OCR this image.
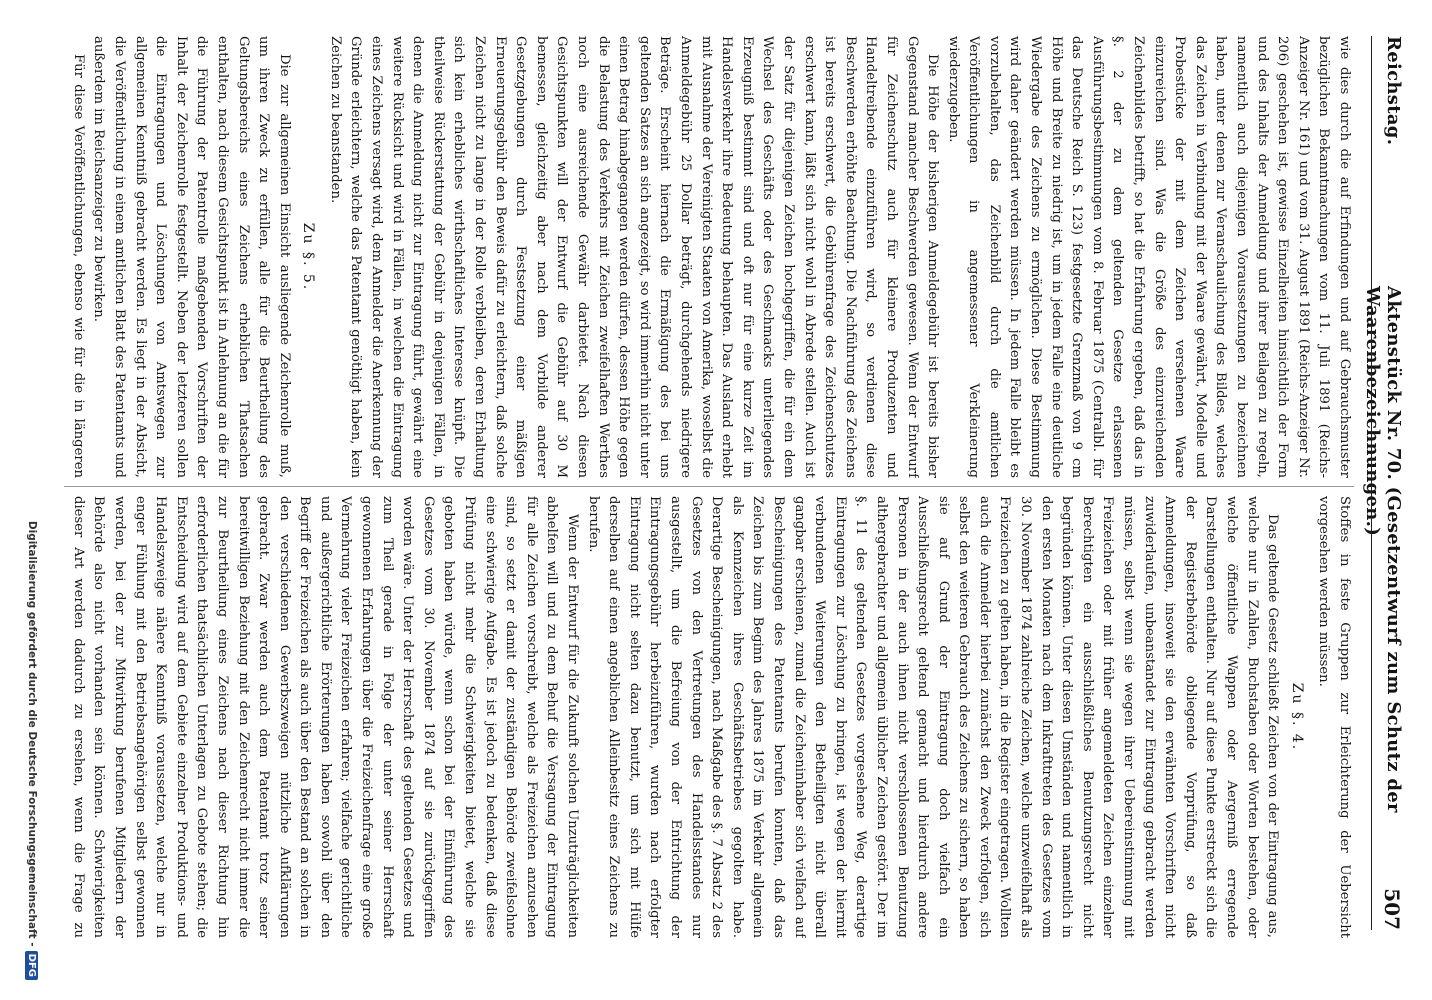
Reichstag.
Aktenstück Nr. 70. (Gesetzentwurf zum Schutz der Waarenbezeichnungen.)
507

wie dies durch die auf Erfindungen und auf Gebrauchsmuster bezüglichen Bekanntmachungen vom 11. Juli 1891 (Reichs-Anzeiger Nr. 161) und vom 31. August 1891 (Reichs-Anzeiger Nr. 206) geschehen ist, gewisse Einzelheiten hinsichtlich der Form und des Inhalts der Anmeldung und ihrer Beilagen zu regeln, namentlich auch diejenigen Voraussetzungen zu bezeichnen haben, unter denen zur Veranschaulichung des Bildes, welches das Zeichen in Verbindung mit der Waare gewährt, Modelle und Probestücke der mit dem Zeichen versehenen Waare einzureichen sind. Was die Größe des einzureichenden Zeichenbildes betrifft, so hat die Erfahrung ergeben, daß das in §. 2 der zu dem geltenden Gesetze erlassenen Ausführungsbestimmungen vom 8. Februar 1875 (Centralbl. für das Deutsche Reich S. 123) festgesetzte Grenzmaß von 9 cm Höhe und Breite zu niedrig ist, um in jedem Falle eine deutliche Wiedergabe des Zeichens zu ermöglichen. Diese Bestimmung wird daher geändert werden müssen. In jedem Falle bleibt es vorzubehalten, das Zeichenbild durch die amtlichen Veröffentlichungen in angemessener Verkleinerung wiederzugeben.

Die Höhe der bisherigen Anmeldegebühr ist bereits bisher Gegenstand mancher Beschwerden gewesen. Wenn der Entwurf für Zeichenschutz auch für kleinere Produzenten und Handeltreibende einzuführen wird, so verdienen diese Beschwerden erhöhte Beachtung. Die Nachführung des Zeichens ist bereits erschwert, die Gebührenfrage des Zeichenschutzes erschwert kann, läßt sich nicht wohl in Abrede stellen. Auch ist der Satz für diejenigen Zeichen hochgegriffen, die für ein dem Wechsel des Geschäfts oder des Geschmacks unterliegendes Erzeugniß bestimmt sind und oft nur für eine kurze Zeit im Handelsverkehr ihre Bedeutung behaupten. Das Ausland erhebt mit Ausnahme der Vereinigten Staaten von Amerika, woselbst die Anmeldegebühr 25 Dollar beträgt, durchgehends niedrigere Beträge. Erscheint hiernach die Ermäßigung des bei uns geltenden Satzes an sich angezeigt, so wird immerhin nicht unter einen Betrag hinabgegangen werden dürfen, dessen Höhe gegen die Belastung des Verkehrs mit Zeichen zweifelhaften Werthes noch eine ausreichende Gewähr darbietet. Nach diesen Gesichtspunkten will der Entwurf die Gebühr auf 30 M bemessen, gleichzeitig aber nach dem Vorbilde anderer Gesetzgebungen durch Festsetzung einer mäßigen Erneuerungsgebühr den Beweis dafür zu erleichtern, daß solche Zeichen nicht zu lange in der Rolle verbleiben, deren Erhaltung sich kein erhebliches wirthschaftliches Interesse knüpft. Die theilweise Rückerstattung der Gebühr in denjenigen Fällen, in denen die Anmeldung nicht zur Eintragung führt, gewährt eine weitere Rücksicht und wird in Fällen, in welchen die Eintragung eines Zeichens versagt wird, dem Anmelder die Anerkennung der Gründe erleichtern, welche das Patentamt genöthigt haben, kein Zeichen zu beanstanden.

Zu §. 5.

Die zur allgemeinen Einsicht ausliegende Zeichenrolle muß, um ihren Zweck zu erfüllen, alle für die Beurtheilung des Geltungsbereichs eines Zeichens erheblichen Thatsachen enthalten, nach diesem Gesichtspunkt ist in Anlehnung an die für die Führung der Patentrolle maßgebenden Vorschriften der Inhalt der Zeichenrolle festgestellt. Neben der letzteren sollen die Eintragungen und Löschungen von Amtswegen zur allgemeinen Kenntniß gebracht werden. Es liegt in der Absicht, die Veröffentlichung in einem amtlichen Blatt des Patentamts und außerdem im Reichsanzeiger zu bewirken.

Für diese Veröffentlichungen, ebenso wie für die in längeren

Stoffes in feste Gruppen zur Erleichterung der Uebersicht vorgesehen werden müssen.

Zu §. 4.

Das geltende Gesetz schließt Zeichen von der Eintragung aus, welche nur in Zahlen, Buchstaben oder Worten bestehen, oder welche öffentliche Wappen oder Aergerniß erregende Darstellungen enthalten. Nur auf diese Punkte erstreckt sich die der Registerbehörde obliegende Vorprüfung, so daß Anmeldungen, insoweit sie den erwähnten Vorschriften nicht zuwiderlaufen, unbeanstandet zur Eintragung gebracht werden müssen, selbst wenn sie wegen ihrer Uebereinstimmung mit Freizeichen oder mit früher angemeldeten Zeichen einzelner Berechtigten ein ausschließliches Benutzungsrecht nicht begründen können. Unter diesen Umständen und namentlich in den ersten Monaten nach dem Inkrafttreten des Gesetzes vom 30. November 1874 zahlreiche Zeichen, welche unzweifelhaft als Freizeichen zu gelten haben, in die Register eingetragen. Wollten auch die Anmelder hierbei zunächst den Zweck verfolgen, sich selbst den weiteren Gebrauch des Zeichens zu sichern, so haben sie auf Grund der Eintragung doch vielfach ein Ausschließungsrecht geltend gemacht und hierdurch andere Personen in der auch ihnen nicht verschlossenen Benutzung althergebrachter und allgemein üblicher Zeichen gestört. Der im §. 11 des geltenden Gesetzes vorgesehene Weg, derartige Eintragungen zur Löschung zu bringen, ist wegen der hiermit verbundenen Weiterungen den Betheiligten nicht überall gangbar erschienen, zumal die Zeicheninhaber sich vielfach auf Bescheinigungen des Patentamts berufen konnten, daß das Zeichen bis zum Beginn des Jahres 1875 im Verkehr allgemein als Kennzeichen ihres Geschäftsbetriebes gegolten habe. Derartige Bescheinigungen, nach Maßgabe des §. 7 Absatz 2 des Gesetzes von den Vertretungen des Handelsstandes nur ausgestellt, um die Befreiung von der Entrichtung der Eintragungsgebühr herbeizuführen, wurden nach erfolgter Eintragung nicht selten dazu benutzt, um sich mit Hülfe derselben auf einen angeblichen Alleinbesitz eines Zeichens zu berufen.

Wenn der Entwurf für die Zukunft solchen Unzuträglichkeiten abhelfen will und zu dem Behuf die Versagung der Eintragung für alle Zeichen vorschreibt, welche als Freizeichen anzusehen sind, so setzt er damit der zuständigen Behörde zweifelsohne eine schwierige Aufgabe. Es ist jedoch zu bedenken, daß diese Prüfung nicht mehr die Schwierigkeiten bietet, welche sie geboten haben würde, wenn schon bei der Einführung des Gesetzes vom 30. November 1874 auf sie zurückgegriffen worden wäre. Unter der Herrschaft des geltenden Gesetzes und zum Theil gerade in Folge der unter seiner Herrschaft gewonnenen Erfahrungen über die Freizeichenfrage eine große Vermehrung vieler Freizeichen erfahren; vielfache gerichtliche und außergerichtliche Erörterungen haben sowohl über den Begriff der Freizeichen als auch über den Bestand an solchen in den verschiedenen Gewerbszweigen nützliche Aufklärungen gebracht. Zwar werden auch dem Patentamt trotz seiner bereitwilligen Beziehung mit den Zeichenrecht nicht immer die zur Beurtheilung eines Zeichens nach dieser Richtung hin erforderlichen thatsächlichen Unterlagen zu Gebote stehen; die Entscheidung wird auf dem Gebiete einzelner Produktions- und Handelszweige nähere Kenntniß voraussetzen, welche nur in enger Fühlung mit den Betriebsangehörigen selbst gewonnen werden, bei der zur Mitwirkung berufenen Mitgliedern der Behörde also nicht vorhanden sein können. Schwierigkeiten dieser Art werden dadurch zu ersehen, wenn die Frage zu

Digitalisierung gefördert durch die Deutsche Forschungsgemeinschaft -DFG
